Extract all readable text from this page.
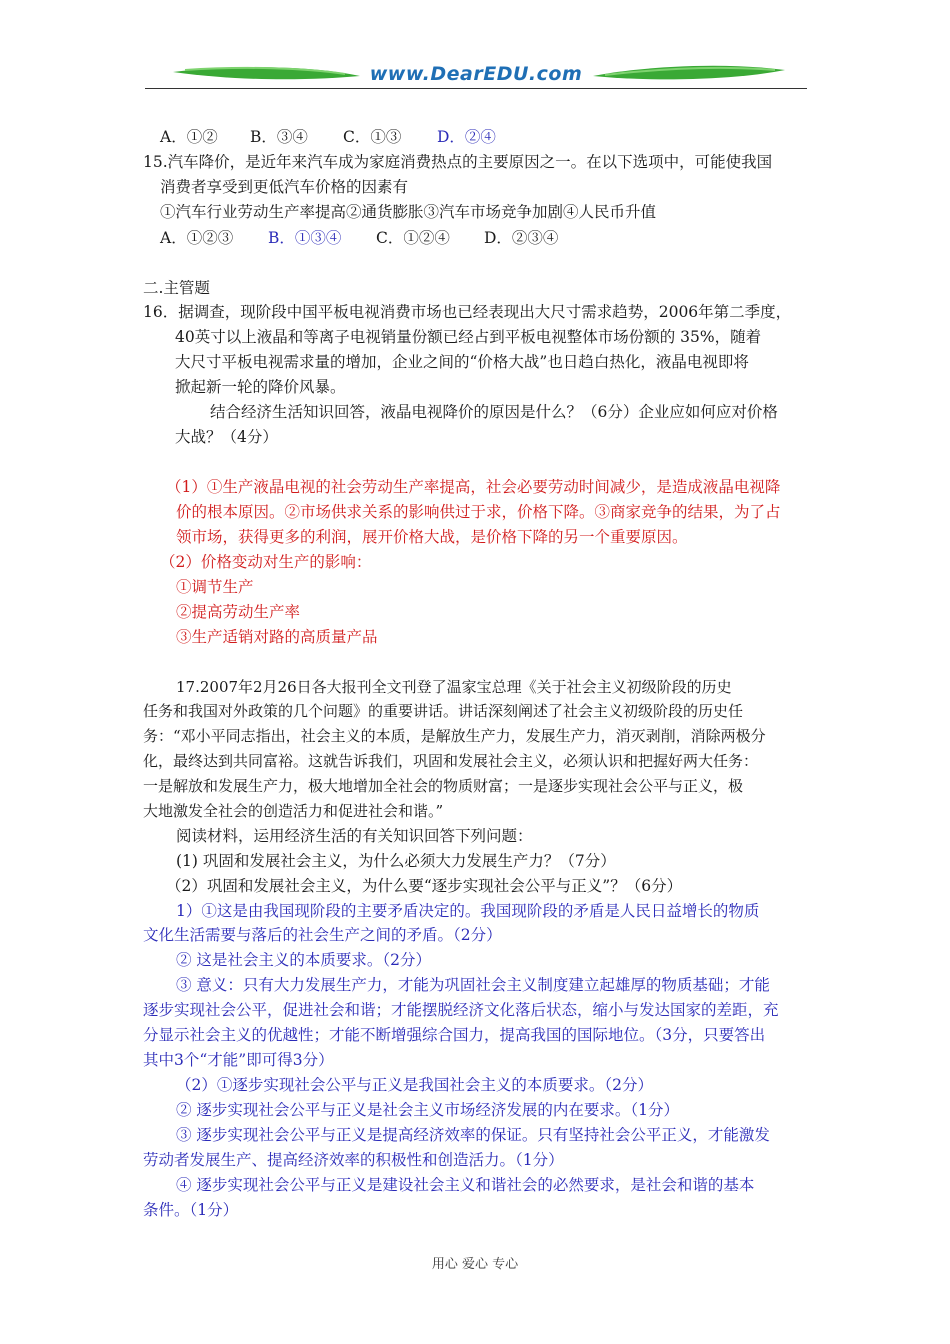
www.DearEDU.com
A．①② B．③④ C．①③ D．②④
15.汽车降价，是近年来汽车成为家庭消费热点的主要原因之一。在以下选项中，可能使我国
消费者享受到更低汽车价格的因素有
①汽车行业劳动生产率提高②通货膨胀③汽车市场竞争加剧④人民币升值
A．①②③ B．①③④ C．①②④ D．②③④
二.主管题
16．据调查，现阶段中国平板电视消费市场也已经表现出大尺寸需求趋势，2006年第二季度，
40英寸以上液晶和等离子电视销量份额已经占到平板电视整体市场份额的 35%，随着
大尺寸平板电视需求量的增加，企业之间的“价格大战”也日趋白热化，液晶电视即将
掀起新一轮的降价风暴。
结合经济生活知识回答，液晶电视降价的原因是什么？（6分）企业应如何应对价格
大战？（4分）
（1）①生产液晶电视的社会劳动生产率提高，社会必要劳动时间减少，是造成液晶电视降
价的根本原因。②市场供求关系的影响供过于求，价格下降。③商家竞争的结果，为了占
领市场，获得更多的利润，展开价格大战，是价格下降的另一个重要原因。
（2）价格变动对生产的影响：
①调节生产
②提高劳动生产率
③生产适销对路的高质量产品
17.2007年2月26日各大报刊全文刊登了温家宝总理《关于社会主义初级阶段的历史
任务和我国对外政策的几个问题》的重要讲话。讲话深刻阐述了社会主义初级阶段的历史任
务：“邓小平同志指出，社会主义的本质，是解放生产力，发展生产力，消灭剥削，消除两极分
化，最终达到共同富裕。这就告诉我们，巩固和发展社会主义，必须认识和把握好两大任务：
一是解放和发展生产力，极大地增加全社会的物质财富；一是逐步实现社会公平与正义，极
大地激发全社会的创造活力和促进社会和谐。”
阅读材料，运用经济生活的有关知识回答下列问题：
(1) 巩固和发展社会主义，为什么必须大力发展生产力？（7分）
（2）巩固和发展社会主义，为什么要“逐步实现社会公平与正义”？（6分）
1）①这是由我国现阶段的主要矛盾决定的。我国现阶段的矛盾是人民日益增长的物质
文化生活需要与落后的社会生产之间的矛盾。（2分）
② 这是社会主义的本质要求。（2分）
③ 意义：只有大力发展生产力，才能为巩固社会主义制度建立起雄厚的物质基础；才能
逐步实现社会公平，促进社会和谐；才能摆脱经济文化落后状态，缩小与发达国家的差距，充
分显示社会主义的优越性；才能不断增强综合国力，提高我国的国际地位。（3分，只要答出
其中3个“才能”即可得3分）
（2）①逐步实现社会公平与正义是我国社会主义的本质要求。（2分）
② 逐步实现社会公平与正义是社会主义市场经济发展的内在要求。（1分）
③ 逐步实现社会公平与正义是提高经济效率的保证。只有坚持社会公平正义，才能激发
劳动者发展生产、提高经济效率的积极性和创造活力。（1分）
④ 逐步实现社会公平与正义是建设社会主义和谐社会的必然要求，是社会和谐的基本
条件。（1分）
用心 爱心 专心
